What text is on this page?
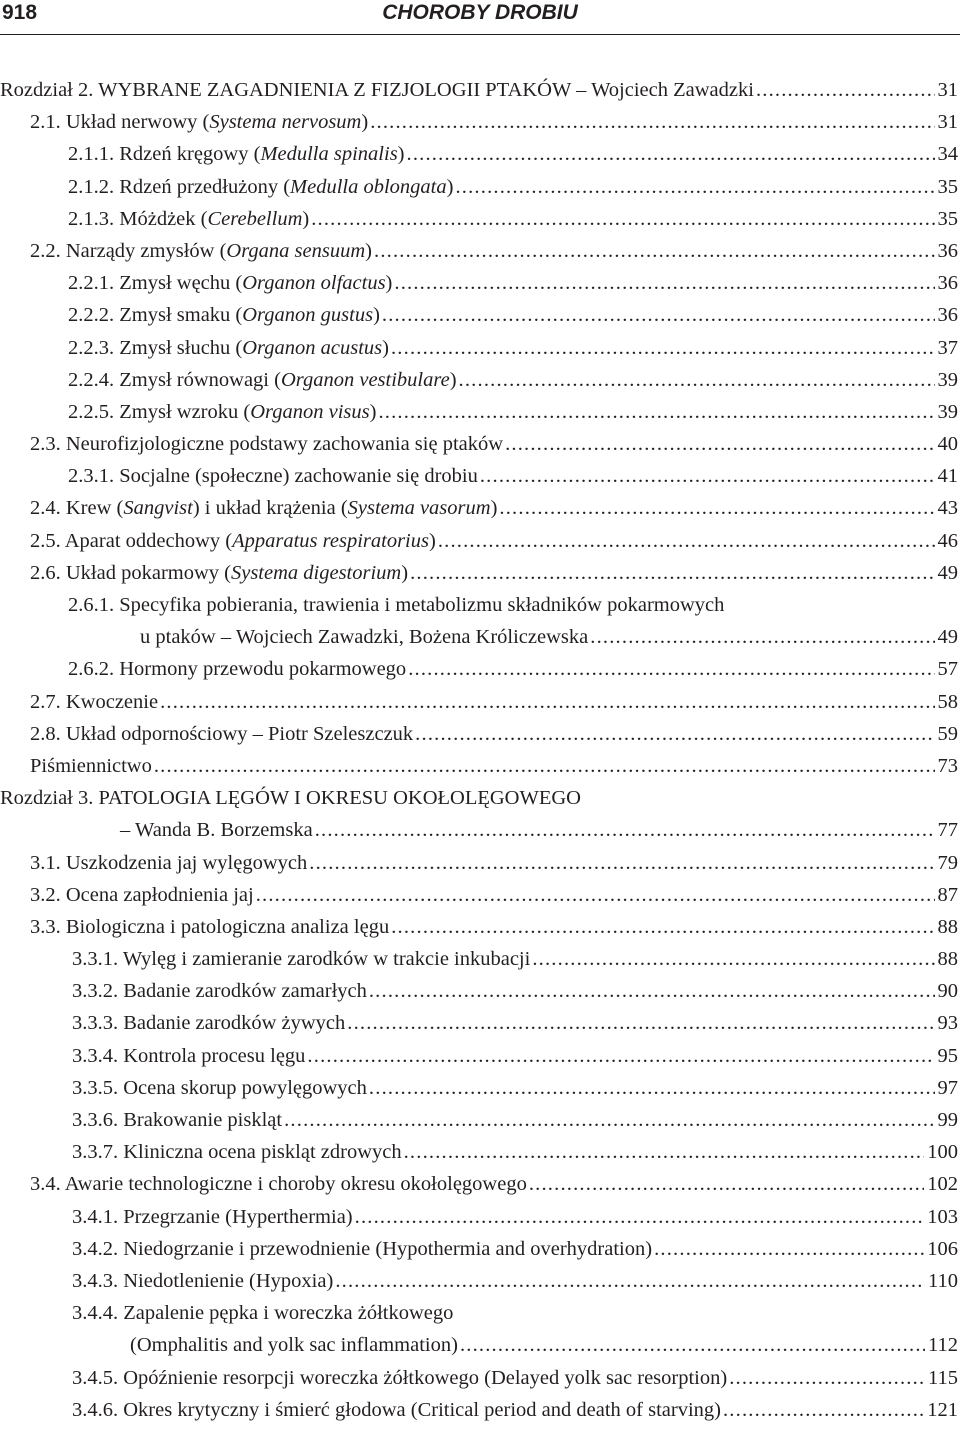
918	CHOROBY DROBIU
Rozdział 2. WYBRANE ZAGADNIENIA Z FIZJOLOGII PTAKÓW – Wojciech Zawadzki .....	31
2.1. Układ nerwowy (Systema nervosum) .....	31
2.1.1. Rdzeń kręgowy (Medulla spinalis) .....	34
2.1.2. Rdzeń przedłużony (Medulla oblongata) .....	35
2.1.3. Móżdżek (Cerebellum) .....	35
2.2. Narządy zmysłów (Organa sensuum) .....	36
2.2.1. Zmysł węchu (Organon olfactus) .....	36
2.2.2. Zmysł smaku (Organon gustus) .....	36
2.2.3. Zmysł słuchu (Organon acustus) .....	37
2.2.4. Zmysł równowagi (Organon vestibulare) .....	39
2.2.5. Zmysł wzroku (Organon visus) .....	39
2.3. Neurofizjologiczne podstawy zachowania się ptaków .....	40
2.3.1. Socjalne (społeczne) zachowanie się drobiu .....	41
2.4. Krew (Sangvist) i układ krążenia (Systema vasorum) .....	43
2.5. Aparat oddechowy (Apparatus respiratorius) .....	46
2.6. Układ pokarmowy (Systema digestorium) .....	49
2.6.1. Specyfika pobierania, trawienia i metabolizmu składników pokarmowych
u ptaków – Wojciech Zawadzki, Bożena Króliczewska .....	49
2.6.2. Hormony przewodu pokarmowego .....	57
2.7. Kwoczenie .....	58
2.8. Układ odpornościowy – Piotr Szeleszczuk .....	59
Piśmiennictwo .....	73
Rozdział 3. PATOLOGIA LĘGÓW I OKRESU OKOŁOLĘGOWEGO
– Wanda B. Borzemska .....	77
3.1. Uszkodzenia jaj wylęgowych .....	79
3.2. Ocena zapłodnienia jaj .....	87
3.3. Biologiczna i patologiczna analiza lęgu .....	88
3.3.1. Wylęg i zamieranie zarodków w trakcie inkubacji .....	88
3.3.2. Badanie zarodków zamarłych .....	90
3.3.3. Badanie zarodków żywych .....	93
3.3.4. Kontrola procesu lęgu .....	95
3.3.5. Ocena skorup powylęgowych .....	97
3.3.6. Brakowanie piskląt .....	99
3.3.7. Kliniczna ocena piskląt zdrowych .....	100
3.4. Awarie technologiczne i choroby okresu okołolęgowego .....	102
3.4.1. Przegrzanie (Hyperthermia) .....	103
3.4.2. Niedogrzanie i przewodnienie (Hypothermia and overhydration) .....	106
3.4.3. Niedotlenienie (Hypoxia) .....	110
3.4.4. Zapalenie pępka i woreczka żółtkowego
(Omphalitis and yolk sac inflammation) .....	112
3.4.5. Opóźnienie resorpcji woreczka żółtkowego (Delayed yolk sac resorption) .....	115
3.4.6. Okres krytyczny i śmierć głodowa (Critical period and death of starving) .....	121
